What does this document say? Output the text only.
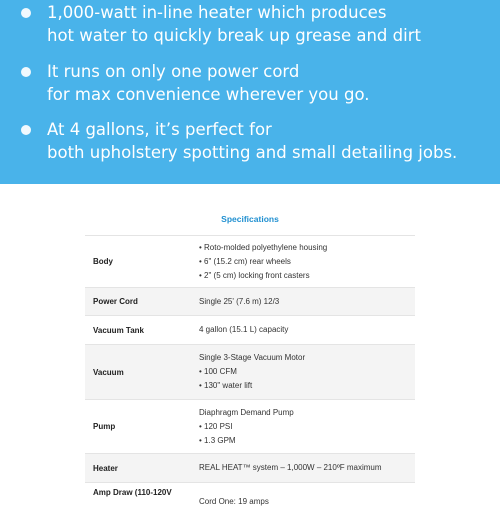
1,000-watt in-line heater which produces

hot water to quickly break up grease and dirt

It runs on only one power cord

for max convenience wherever you go.

At 4 gallons, it’s perfect for

both upholstery spotting and small detailing jobs.

Specifications

Body	• Roto-molded polyethylene housing
• 6" (15.2 cm) rear wheels
• 2" (5 cm) locking front casters

Power Cord	Single 25' (7.6 m) 12/3

Vacuum Tank	4 gallon (15.1 L) capacity

Vacuum	Single 3-Stage Vacuum Motor
• 100 CFM
• 130" water lift

Pump	Diaphragm Demand Pump
• 120 PSI
• 1.3 GPM

Heater	REAL HEAT™ system – 1,000W – 210ºF maximum

Amp Draw (110-120V	Cord One: 19 amps
